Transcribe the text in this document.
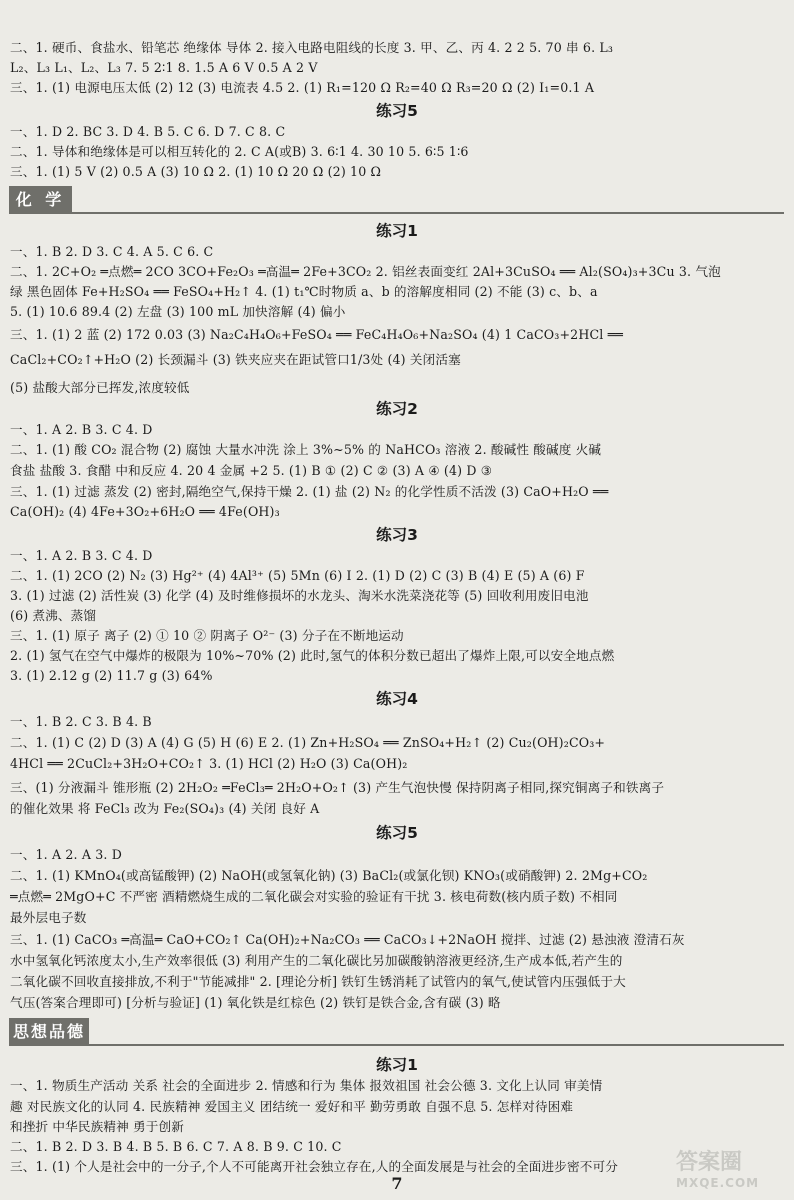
二、1. 硬币、食盐水、铅笔芯 绝缘体 导体 2. 接入电路电阻线的长度 3. 甲、乙、丙 4. 2 2 5. 70 串 6. L₃
L₂、L₃ L₁、L₂、L₃ 7. 5 2∶1 8. 1.5 A 6 V 0.5 A 2 V
三、1. (1) 电源电压太低 (2) 12 (3) 电流表 4.5 2. (1) R₁=120 Ω R₂=40 Ω R₃=20 Ω (2) I₁=0.1 A
练习5
一、1. D 2. BC 3. D 4. B 5. C 6. D 7. C 8. C
二、1. 导体和绝缘体是可以相互转化的 2. C A(或B) 3. 6∶1 4. 30 10 5. 6∶5 1∶6
三、1. (1) 5 V (2) 0.5 A (3) 10 Ω 2. (1) 10 Ω 20 Ω (2) 10 Ω
化 学
练习1
一、1. B 2. D 3. C 4. A 5. C 6. C
二、1. 2C+O₂ ═点燃═ 2CO 3CO+Fe₂O₃ ═高温═ 2Fe+3CO₂ 2. 铝丝表面变红 2Al+3CuSO₄ ══ Al₂(SO₄)₃+3Cu 3. 气泡
绿 黑色固体 Fe+H₂SO₄ ══ FeSO₄+H₂↑ 4. (1) t₁℃时物质 a、b 的溶解度相同 (2) 不能 (3) c、b、a
5. (1) 10.6 89.4 (2) 左盘 (3) 100 mL 加快溶解 (4) 偏小
三、1. (1) 2 蓝 (2) 172 0.03 (3) Na₂C₄H₄O₆+FeSO₄ ══ FeC₄H₄O₆+Na₂SO₄ (4) 1 CaCO₃+2HCl ══
CaCl₂+CO₂↑+H₂O (2) 长颈漏斗 (3) 铁夹应夹在距试管口1/3处 (4) 关闭活塞
(5) 盐酸大部分已挥发,浓度较低
练习2
一、1. A 2. B 3. C 4. D
二、1. (1) 酸 CO₂ 混合物 (2) 腐蚀 大量水冲洗 涂上 3%~5% 的 NaHCO₃ 溶液 2. 酸碱性 酸碱度 火碱
食盐 盐酸 3. 食醋 中和反应 4. 20 4 金属 +2 5. (1) B ① (2) C ② (3) A ④ (4) D ③
三、1. (1) 过滤 蒸发 (2) 密封,隔绝空气,保持干燥 2. (1) 盐 (2) N₂ 的化学性质不活泼 (3) CaO+H₂O ══
Ca(OH)₂ (4) 4Fe+3O₂+6H₂O ══ 4Fe(OH)₃
练习3
一、1. A 2. B 3. C 4. D
二、1. (1) 2CO (2) N₂ (3) Hg²⁺ (4) 4Al³⁺ (5) 5Mn (6) I 2. (1) D (2) C (3) B (4) E (5) A (6) F
3. (1) 过滤 (2) 活性炭 (3) 化学 (4) 及时维修损坏的水龙头、淘米水洗菜浇花等 (5) 回收利用废旧电池
(6) 煮沸、蒸馏
三、1. (1) 原子 离子 (2) ① 10 ② 阴离子 O²⁻ (3) 分子在不断地运动
2. (1) 氢气在空气中爆炸的极限为 10%~70% (2) 此时,氢气的体积分数已超出了爆炸上限,可以安全地点燃
3. (1) 2.12 g (2) 11.7 g (3) 64%
练习4
一、1. B 2. C 3. B 4. B
二、1. (1) C (2) D (3) A (4) G (5) H (6) E 2. (1) Zn+H₂SO₄ ══ ZnSO₄+H₂↑ (2) Cu₂(OH)₂CO₃+
4HCl ══ 2CuCl₂+3H₂O+CO₂↑ 3. (1) HCl (2) H₂O (3) Ca(OH)₂
三、(1) 分液漏斗 锥形瓶 (2) 2H₂O₂ ═FeCl₃═ 2H₂O+O₂↑ (3) 产生气泡快慢 保持阴离子相同,探究铜离子和铁离子
的催化效果 将 FeCl₃ 改为 Fe₂(SO₄)₃ (4) 关闭 良好 A
练习5
一、1. A 2. A 3. D
二、1. (1) KMnO₄(或高锰酸钾) (2) NaOH(或氢氧化钠) (3) BaCl₂(或氯化钡) KNO₃(或硝酸钾) 2. 2Mg+CO₂
═点燃═ 2MgO+C 不严密 酒精燃烧生成的二氧化碳会对实验的验证有干扰 3. 核电荷数(核内质子数) 不相同
最外层电子数
三、1. (1) CaCO₃ ═高温═ CaO+CO₂↑ Ca(OH)₂+Na₂CO₃ ══ CaCO₃↓+2NaOH 搅拌、过滤 (2) 悬浊液 澄清石灰
水中氢氧化钙浓度太小,生产效率很低 (3) 利用产生的二氧化碳比另加碳酸钠溶液更经济,生产成本低,若产生的
二氧化碳不回收直接排放,不利于"节能减排" 2. [理论分析] 铁钉生锈消耗了试管内的氧气,使试管内压强低于大
气压(答案合理即可) [分析与验证] (1) 氧化铁是红棕色 (2) 铁钉是铁合金,含有碳 (3) 略
思想品德
练习1
一、1. 物质生产活动 关系 社会的全面进步 2. 情感和行为 集体 报效祖国 社会公德 3. 文化上认同 审美情
趣 对民族文化的认同 4. 民族精神 爱国主义 团结统一 爱好和平 勤劳勇敢 自强不息 5. 怎样对待困难
和挫折 中华民族精神 勇于创新
二、1. B 2. D 3. B 4. B 5. B 6. C 7. A 8. B 9. C 10. C
三、1. (1) 个人是社会中的一分子,个人不可能离开社会独立存在,人的全面发展是与社会的全面进步密不可分
7
答案圈
MXQE.COM
